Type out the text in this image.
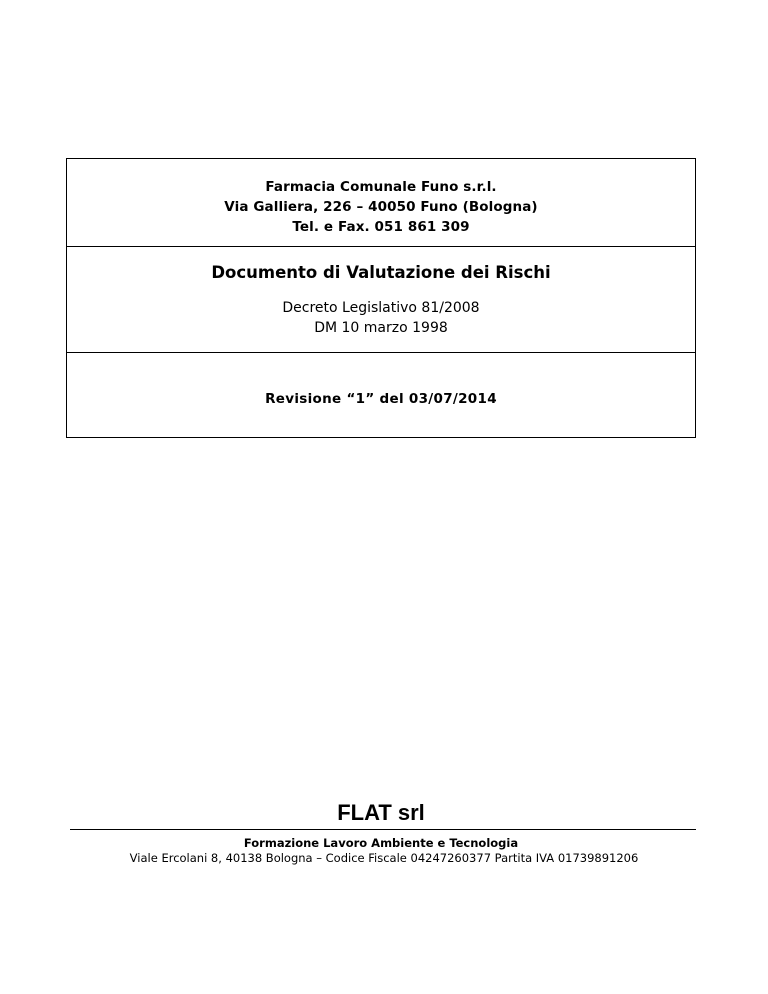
Farmacia Comunale Funo s.r.l.
Via Galliera, 226 – 40050 Funo (Bologna)
Tel. e Fax. 051 861 309
Documento di Valutazione dei Rischi
Decreto Legislativo 81/2008
DM 10 marzo 1998
Revisione “1” del 03/07/2014
FLAT srl
Formazione Lavoro Ambiente e Tecnologia
Viale Ercolani 8, 40138 Bologna – Codice Fiscale 04247260377 Partita IVA 01739891206
